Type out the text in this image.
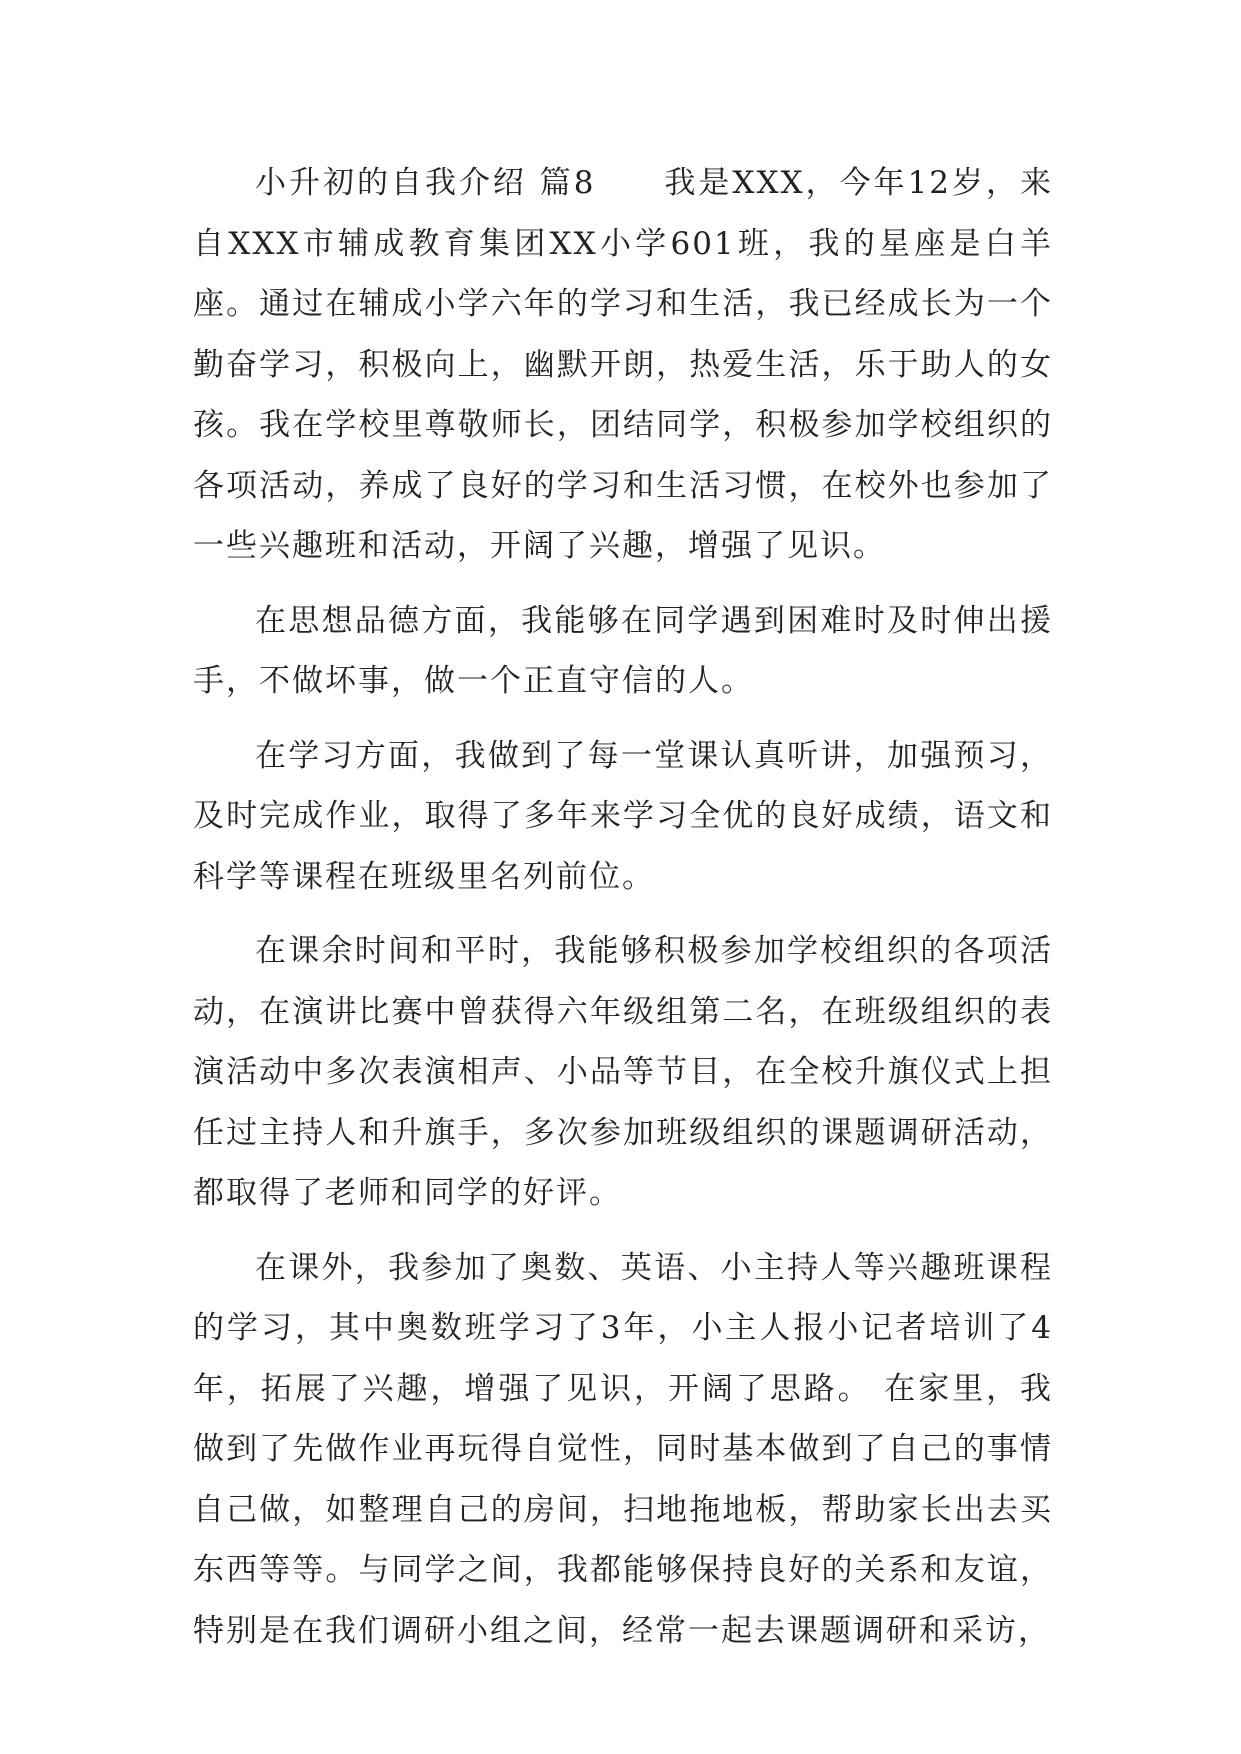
小升初的自我介绍 篇8　　我是XXX，今年12岁，来自XXX市辅成教育集团XX小学601班，我的星座是白羊座。通过在辅成小学六年的学习和生活，我已经成长为一个勤奋学习，积极向上，幽默开朗，热爱生活，乐于助人的女孩。我在学校里尊敬师长，团结同学，积极参加学校组织的各项活动，养成了良好的学习和生活习惯，在校外也参加了一些兴趣班和活动，开阔了兴趣，增强了见识。

在思想品德方面，我能够在同学遇到困难时及时伸出援手，不做坏事，做一个正直守信的人。

在学习方面，我做到了每一堂课认真听讲，加强预习，及时完成作业，取得了多年来学习全优的良好成绩，语文和科学等课程在班级里名列前位。

在课余时间和平时，我能够积极参加学校组织的各项活动，在演讲比赛中曾获得六年级组第二名，在班级组织的表演活动中多次表演相声、小品等节目，在全校升旗仪式上担任过主持人和升旗手，多次参加班级组织的课题调研活动，都取得了老师和同学的好评。

在课外，我参加了奥数、英语、小主持人等兴趣班课程的学习，其中奥数班学习了3年，小主人报小记者培训了4年，拓展了兴趣，增强了见识，开阔了思路。 在家里，我做到了先做作业再玩得自觉性，同时基本做到了自己的事情自己做，如整理自己的房间，扫地拖地板，帮助家长出去买东西等等。与同学之间，我都能够保持良好的关系和友谊，特别是在我们调研小组之间，经常一起去课题调研和采访，
